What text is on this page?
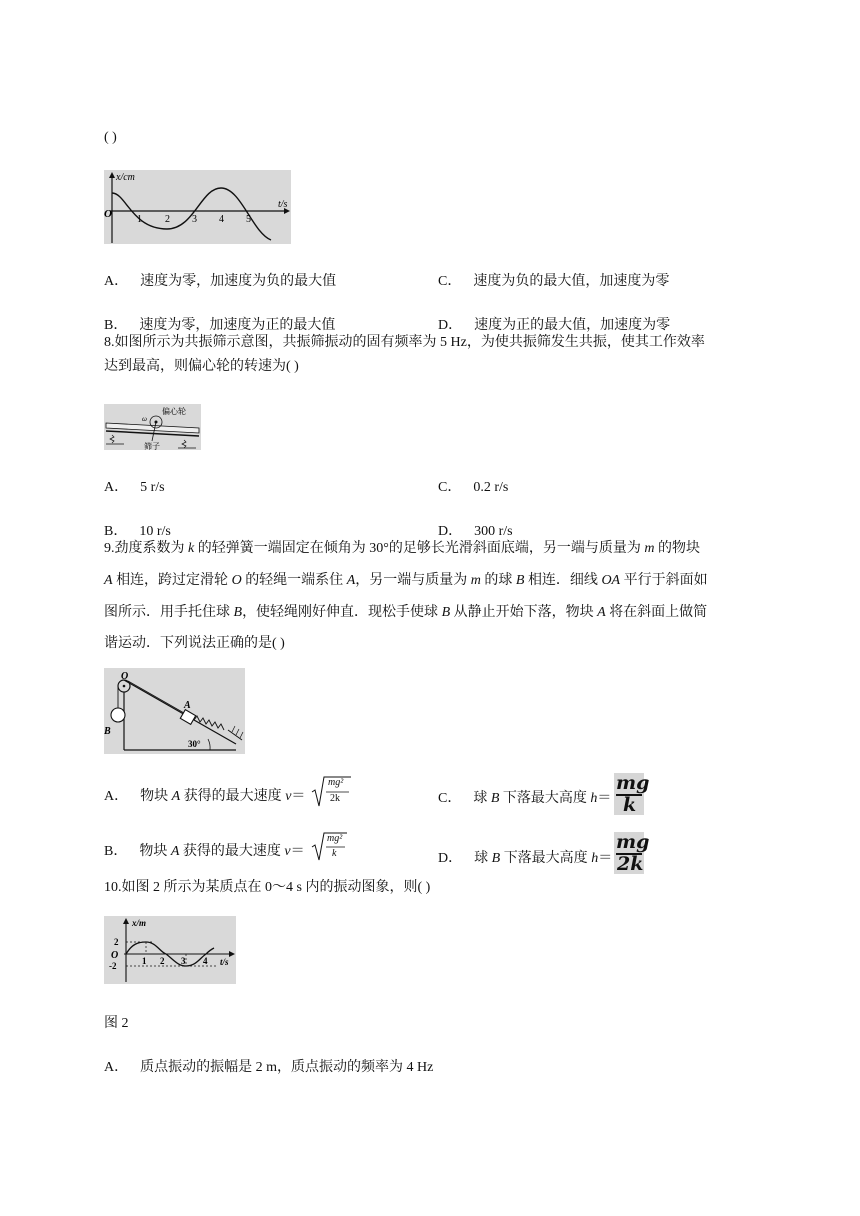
( )
x/cm
t/s
O	1 2 3 4 5
A． 速度为零，加速度为负的最大值	C． 速度为负的最大值，加速度为零
B． 速度为零，加速度为正的最大值	D． 速度为正的最大值，加速度为零
8.如图所示为共振筛示意图，共振筛振动的固有频率为 5 Hz，为使共振筛发生共振，使其工作效率
达到最高，则偏心轮的转速为( )
偏心轮
ω
筛子
A． 5 r/s	C． 0.2 r/s
B． 10 r/s	D． 300 r/s
9.劲度系数为 k 的轻弹簧一端固定在倾角为 30°的足够长光滑斜面底端，另一端与质量为 m 的物块
A 相连，跨过定滑轮 O 的轻绳一端系住 A，另一端与质量为 m 的球 B 相连．细线 OA 平行于斜面如
图所示．用手托住球 B，使轻绳刚好伸直．现松手使球 B 从静止开始下落，物块 A 将在斜面上做简
谐运动．下列说法正确的是( )
O
A
B
30°
A． 物块 A 获得的最大速度 v＝
mg²
2k	C． 球 B 下落最大高度 h＝
mg
k
B． 物块 A 获得的最大速度 v＝
mg²
k	D． 球 B 下落最大高度 h＝
mg
2k
10.如图 2 所示为某质点在 0～4 s 内的振动图象，则( )
x/m
t/s
O
2
-2	1 2 3 4
图 2
A． 质点振动的振幅是 2 m，质点振动的频率为 4 Hz
